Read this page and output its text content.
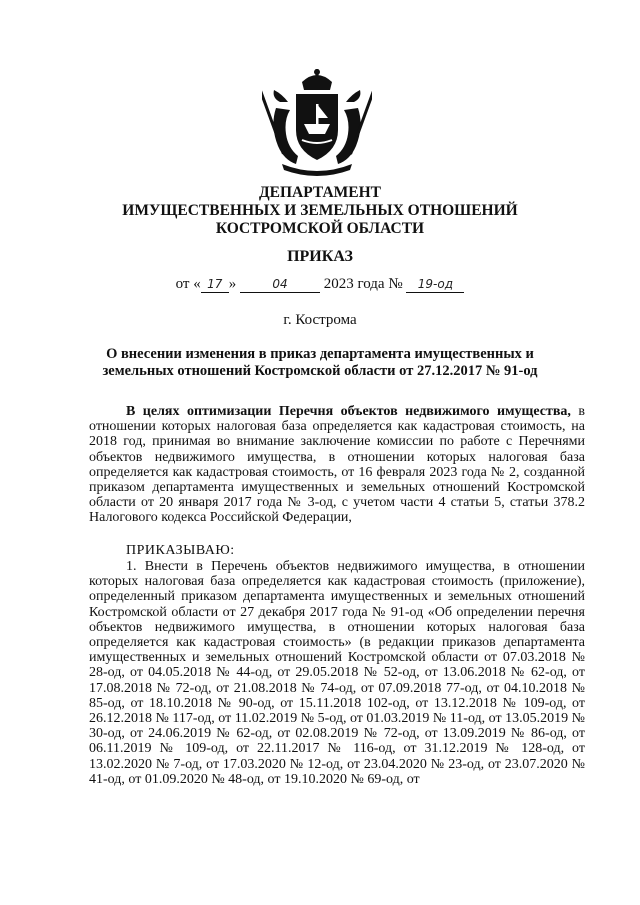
ДЕПАРТАМЕНТ
ИМУЩЕСТВЕННЫХ И ЗЕМЕЛЬНЫХ ОТНОШЕНИЙ
КОСТРОМСКОЙ ОБЛАСТИ
ПРИКАЗ
от « 17 »	04 2023 года № 19-од
г. Кострома
О внесении изменения в приказ департамента имущественных и
земельных отношений Костромской области от 27.12.2017 № 91-од

В целях оптимизации Перечня объектов недвижимого имущества, в отношении которых налоговая база определяется как кадастровая стоимость, на 2018 год, принимая во внимание заключение комиссии по работе с Перечнями объектов недвижимого имущества, в отношении которых налоговая база определяется как кадастровая стоимость, от 16 февраля 2023 года № 2, созданной приказом департамента имущественных и земельных отношений Костромской области от 20 января 2017 года № 3-од, с учетом части 4 статьи 5, статьи 378.2 Налогового кодекса Российской Федерации,

ПРИКАЗЫВАЮ:

1. Внести в Перечень объектов недвижимого имущества, в отношении которых налоговая база определяется как кадастровая стоимость (приложение), определенный приказом департамента имущественных и земельных отношений Костромской области от 27 декабря 2017 года № 91-од «Об определении перечня объектов недвижимого имущества, в отношении которых налоговая база определяется как кадастровая стоимость» (в редакции приказов департамента имущественных и земельных отношений Костромской области от 07.03.2018 № 28-од, от 04.05.2018 № 44-од, от 29.05.2018 № 52-од, от 13.06.2018 № 62-од, от 17.08.2018 № 72-од, от 21.08.2018 № 74-од, от 07.09.2018 77-од, от 04.10.2018 № 85-од, от 18.10.2018 № 90-од, от 15.11.2018 102-од, от 13.12.2018 № 109-од, от 26.12.2018 № 117-од, от 11.02.2019 № 5-од, от 01.03.2019 № 11-од, от 13.05.2019 № 30-од, от 24.06.2019 № 62-од, от 02.08.2019 № 72-од, от 13.09.2019 № 86-од, от 06.11.2019 № 109-од, от 22.11.2017 № 116-од, от 31.12.2019 № 128-од, от 13.02.2020 № 7-од, от 17.03.2020 № 12-од, от 23.04.2020 № 23-од, от 23.07.2020 № 41-од, от 01.09.2020 № 48-од, от 19.10.2020 № 69-од, от
